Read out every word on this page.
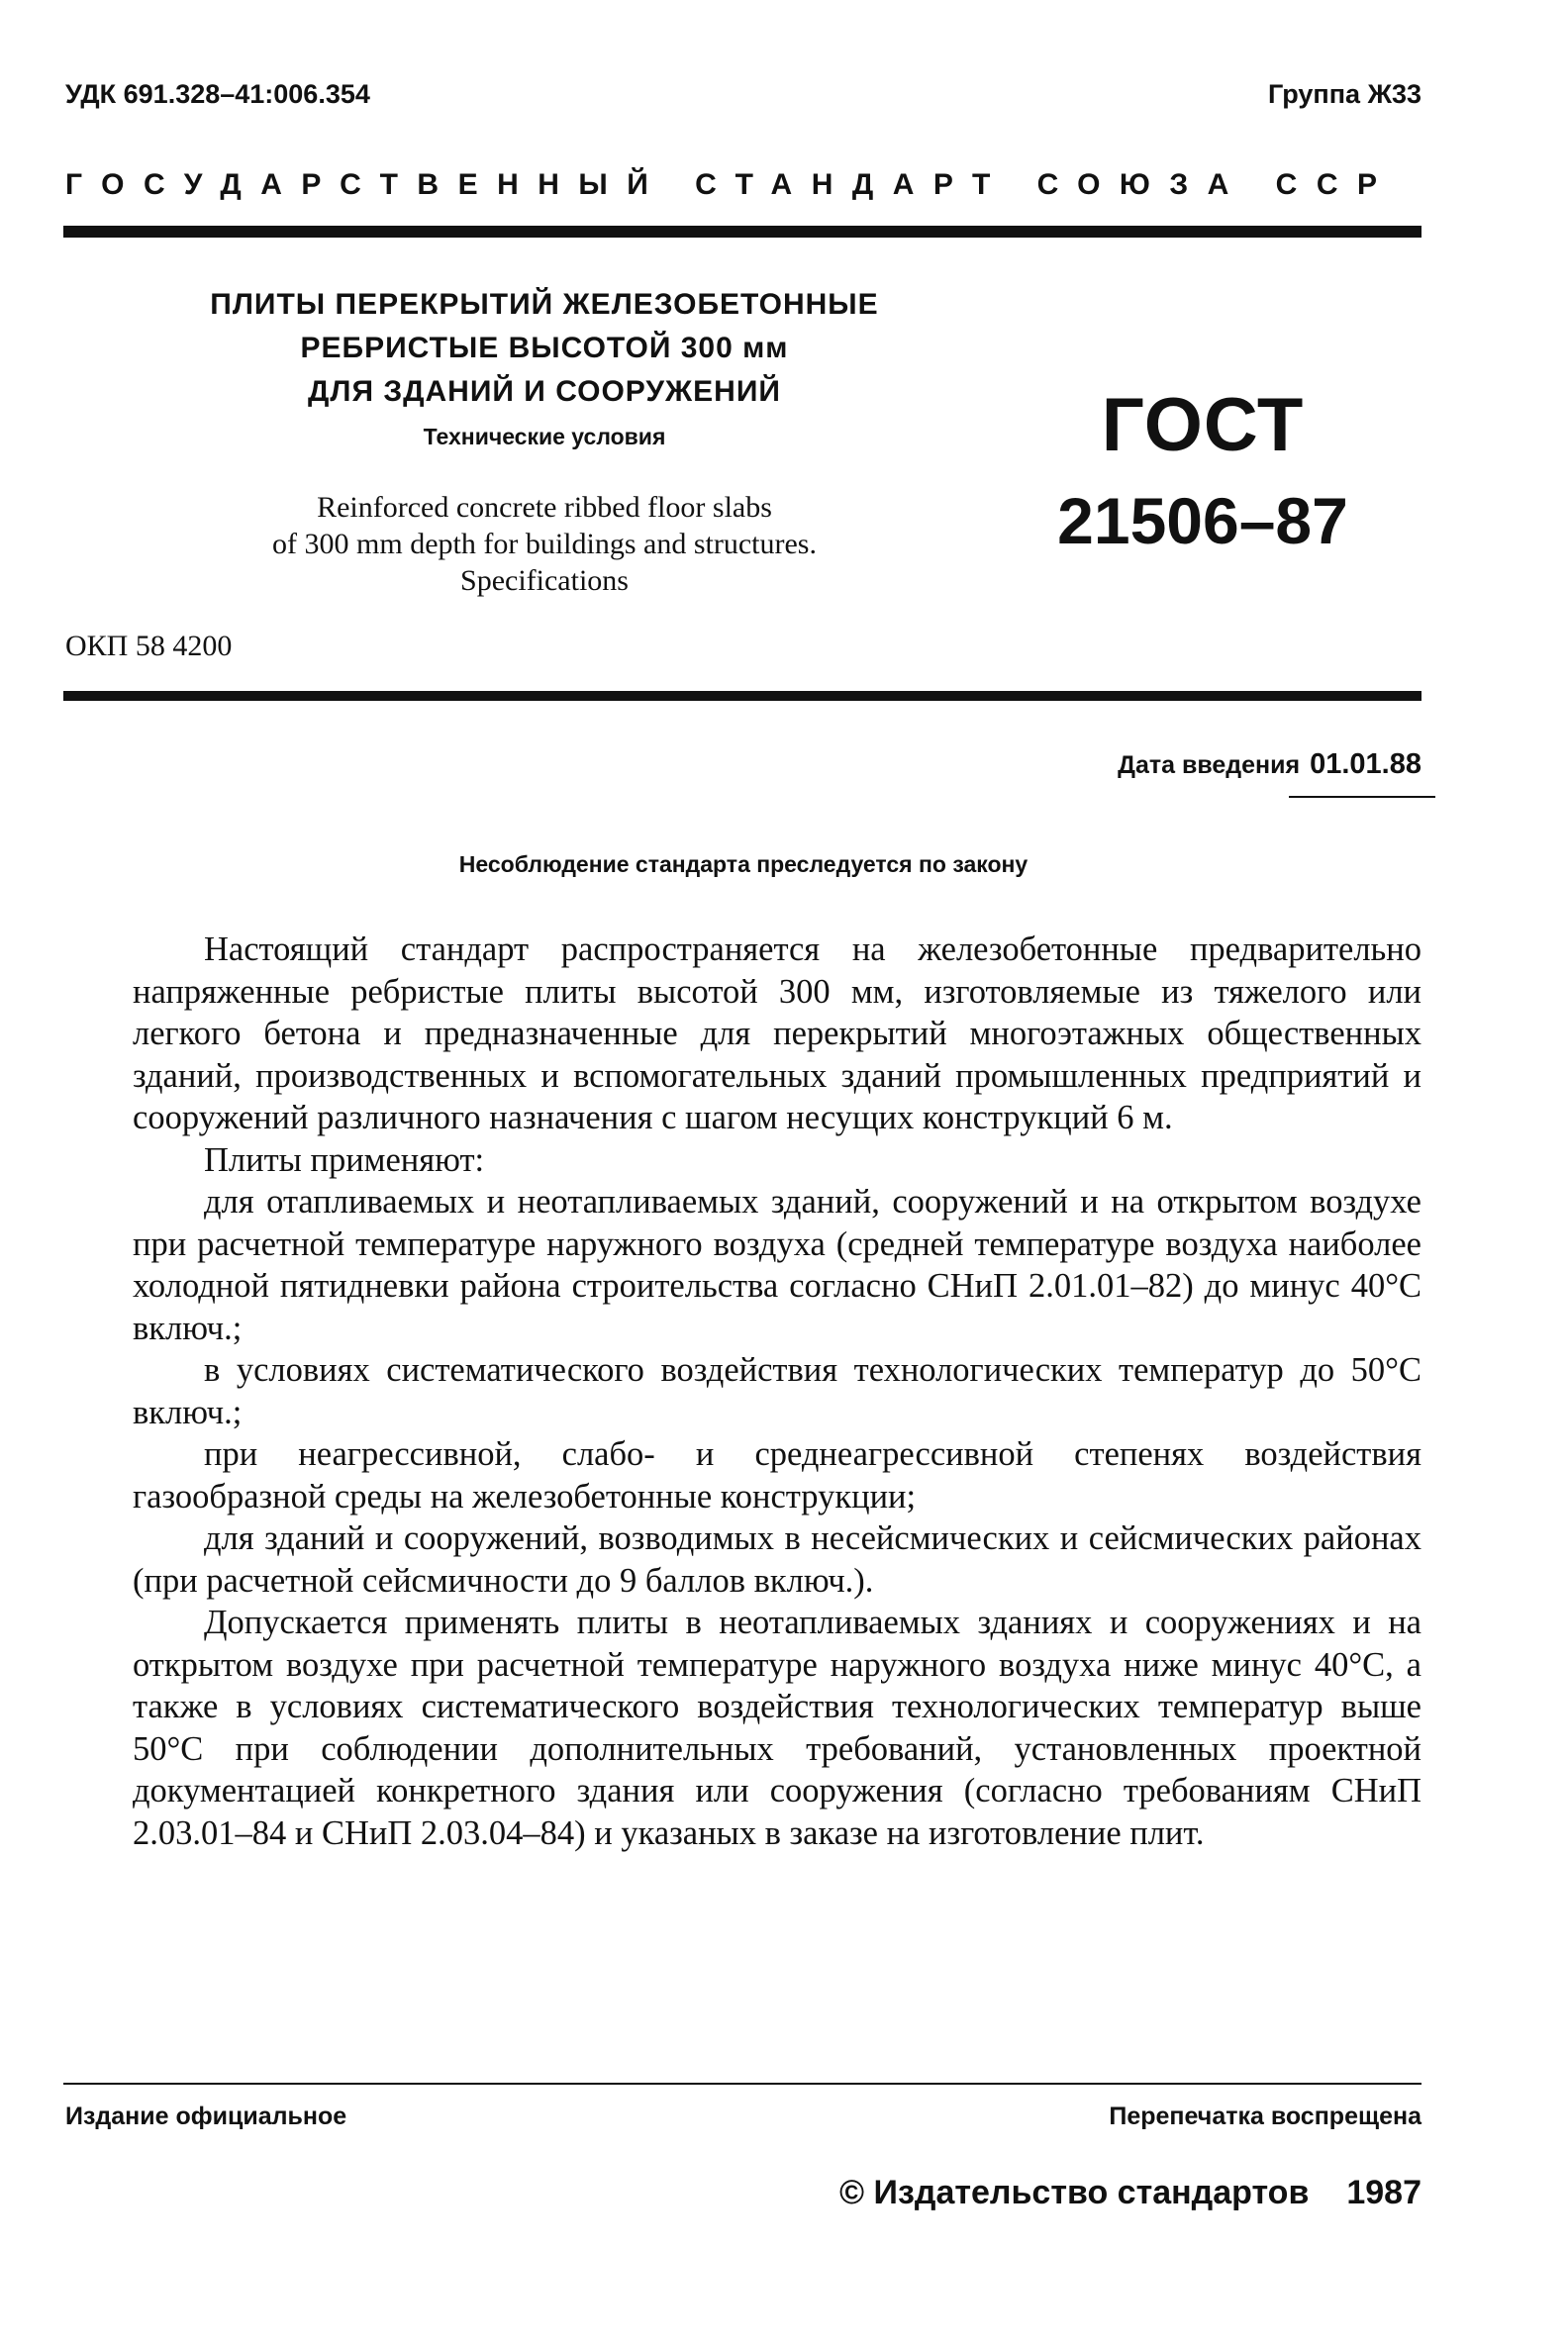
УДК 691.328–41:006.354	Группа Ж33
ГОСУДАРСТВЕННЫЙ СТАНДАРТ СОЮЗА ССР
ПЛИТЫ ПЕРЕКРЫТИЙ ЖЕЛЕЗОБЕТОННЫЕ
РЕБРИСТЫЕ ВЫСОТОЙ 300 мм
ДЛЯ ЗДАНИЙ И СООРУЖЕНИЙ
Технические условия
Reinforced concrete ribbed floor slabs
of 300 mm depth for buildings and structures.
Specifications
ГОСТ
21506–87
ОКП 58 4200
Дата введения 01.01.88
Несоблюдение стандарта преследуется по закону

Настоящий стандарт распространяется на железобетонные предварительно напряженные ребристые плиты высотой 300 мм, изготовляемые из тяжелого или легкого бетона и предназначенные для перекрытий многоэтажных общественных зданий, производственных и вспомогательных зданий промышленных предприятий и сооружений различного назначения с шагом несущих конструкций 6 м.

Плиты применяют:

для отапливаемых и неотапливаемых зданий, сооружений и на открытом воздухе при расчетной температуре наружного воздуха (средней температуре воздуха наиболее холодной пятидневки района строительства согласно СНиП 2.01.01–82) до минус 40°С включ.;

в условиях систематического воздействия технологических температур до 50°С включ.;

при неагрессивной, слабо- и среднеагрессивной степенях воздействия газообразной среды на железобетонные конструкции;

для зданий и сооружений, возводимых в несейсмических и сейсмических районах (при расчетной сейсмичности до 9 баллов включ.).

Допускается применять плиты в неотапливаемых зданиях и сооружениях и на открытом воздухе при расчетной температуре наружного воздуха ниже минус 40°С, а также в условиях систематического воздействия технологических температур выше 50°С при соблюдении дополнительных требований, установленных проектной документацией конкретного здания или сооружения (согласно требованиям СНиП 2.03.01–84 и СНиП 2.03.04–84) и указаных в заказе на изготовление плит.

Издание официальное	Перепечатка воспрещена
© Издательство стандартов 1987
